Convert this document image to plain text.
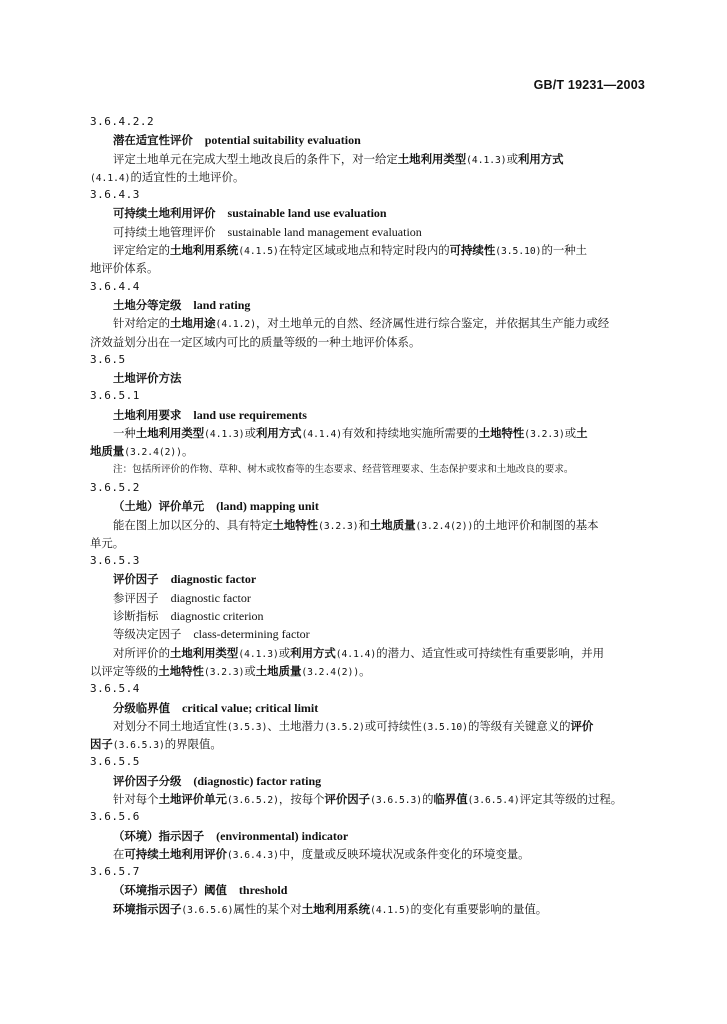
GB/T 19231—2003
3.6.4.2.2
潜在适宜性评价 potential suitability evaluation
评定土地单元在完成大型土地改良后的条件下，对一给定土地利用类型(4.1.3)或利用方式
(4.1.4)的适宜性的土地评价。
3.6.4.3
可持续土地利用评价 sustainable land use evaluation
可持续土地管理评价 sustainable land management evaluation
评定给定的土地利用系统(4.1.5)在特定区域或地点和特定时段内的可持续性(3.5.10)的一种土
地评价体系。
3.6.4.4
土地分等定级 land rating
针对给定的土地用途(4.1.2)，对土地单元的自然、经济属性进行综合鉴定，并依据其生产能力或经
济效益划分出在一定区域内可比的质量等级的一种土地评价体系。
3.6.5
土地评价方法
3.6.5.1
土地利用要求 land use requirements
一种土地利用类型(4.1.3)或利用方式(4.1.4)有效和持续地实施所需要的土地特性(3.2.3)或土
地质量(3.2.4(2))。
注：包括所评价的作物、草种、树木或牧畜等的生态要求、经营管理要求、生态保护要求和土地改良的要求。
3.6.5.2
（土地）评价单元 (land) mapping unit
能在图上加以区分的、具有特定土地特性(3.2.3)和土地质量(3.2.4(2))的土地评价和制图的基本
单元。
3.6.5.3
评价因子 diagnostic factor
参评因子 diagnostic factor
诊断指标 diagnostic criterion
等级决定因子 class-determining factor
对所评价的土地利用类型(4.1.3)或利用方式(4.1.4)的潜力、适宜性或可持续性有重要影响，并用
以评定等级的土地特性(3.2.3)或土地质量(3.2.4(2))。
3.6.5.4
分级临界值 critical value; critical limit
对划分不同土地适宜性(3.5.3)、土地潜力(3.5.2)或可持续性(3.5.10)的等级有关键意义的评价
因子(3.6.5.3)的界限值。
3.6.5.5
评价因子分级 (diagnostic) factor rating
针对每个土地评价单元(3.6.5.2)，按每个评价因子(3.6.5.3)的临界值(3.6.5.4)评定其等级的过程。
3.6.5.6
（环境）指示因子 (environmental) indicator
在可持续土地利用评价(3.6.4.3)中，度量或反映环境状况或条件变化的环境变量。
3.6.5.7
（环境指示因子）阈值 threshold
环境指示因子(3.6.5.6)属性的某个对土地利用系统(4.1.5)的变化有重要影响的量值。
